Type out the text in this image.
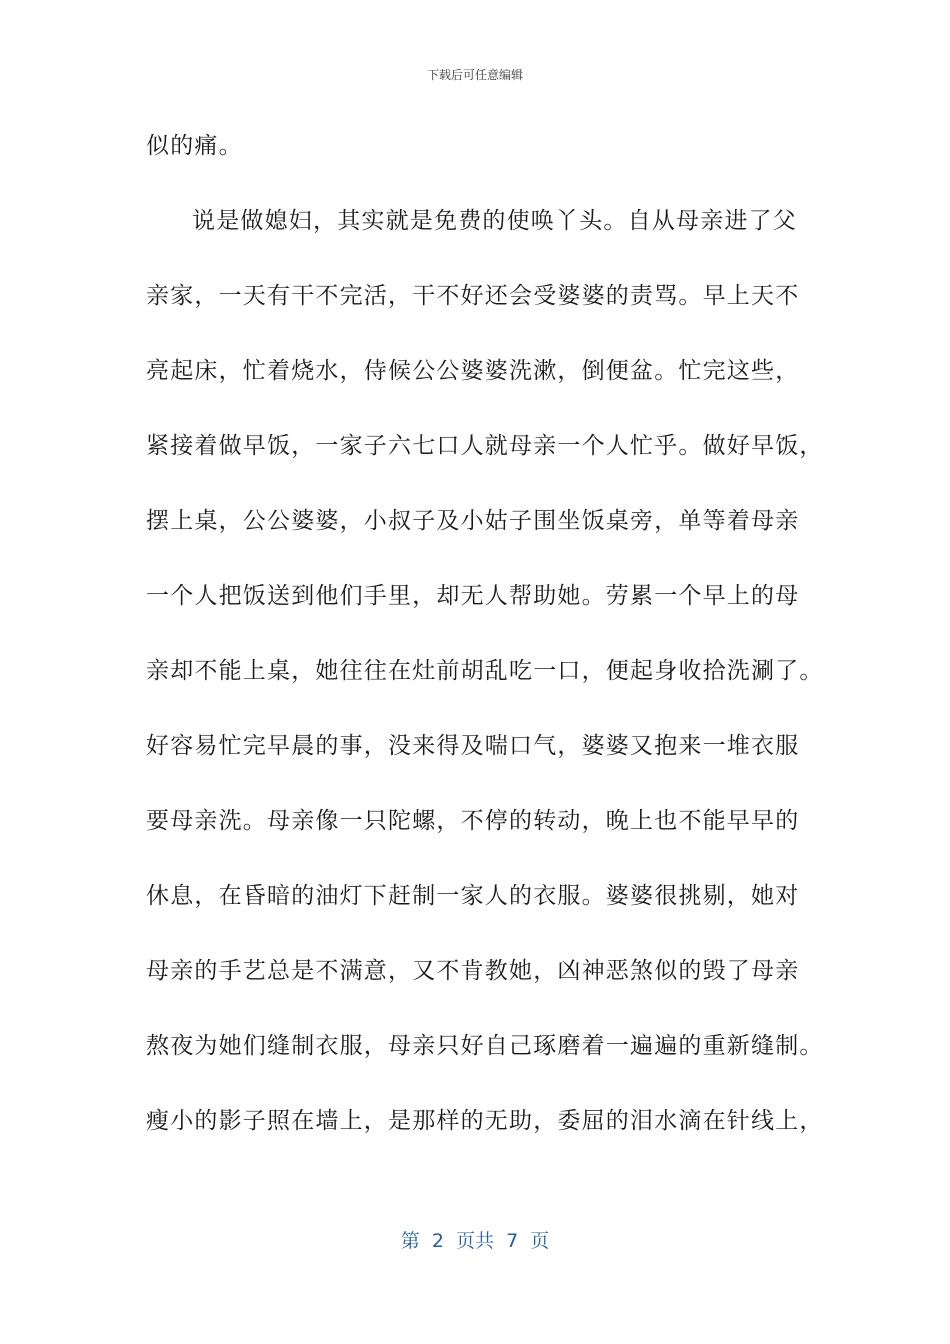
下载后可任意编辑
似的痛。
说是做媳妇，其实就是免费的使唤丫头。自从母亲进了父
亲家，一天有干不完活，干不好还会受婆婆的责骂。早上天不
亮起床，忙着烧水，侍候公公婆婆洗漱，倒便盆。忙完这些，
紧接着做早饭，一家子六七口人就母亲一个人忙乎。做好早饭，
摆上桌，公公婆婆，小叔子及小姑子围坐饭桌旁，单等着母亲
一个人把饭送到他们手里，却无人帮助她。劳累一个早上的母
亲却不能上桌，她往往在灶前胡乱吃一口，便起身收拾洗涮了。
好容易忙完早晨的事，没来得及喘口气，婆婆又抱来一堆衣服
要母亲洗。母亲像一只陀螺，不停的转动，晚上也不能早早的
休息，在昏暗的油灯下赶制一家人的衣服。婆婆很挑剔，她对
母亲的手艺总是不满意，又不肯教她，凶神恶煞似的毁了母亲
熬夜为她们缝制衣服，母亲只好自己琢磨着一遍遍的重新缝制。
瘦小的影子照在墙上，是那样的无助，委屈的泪水滴在针线上，
第  2  页共  7  页
